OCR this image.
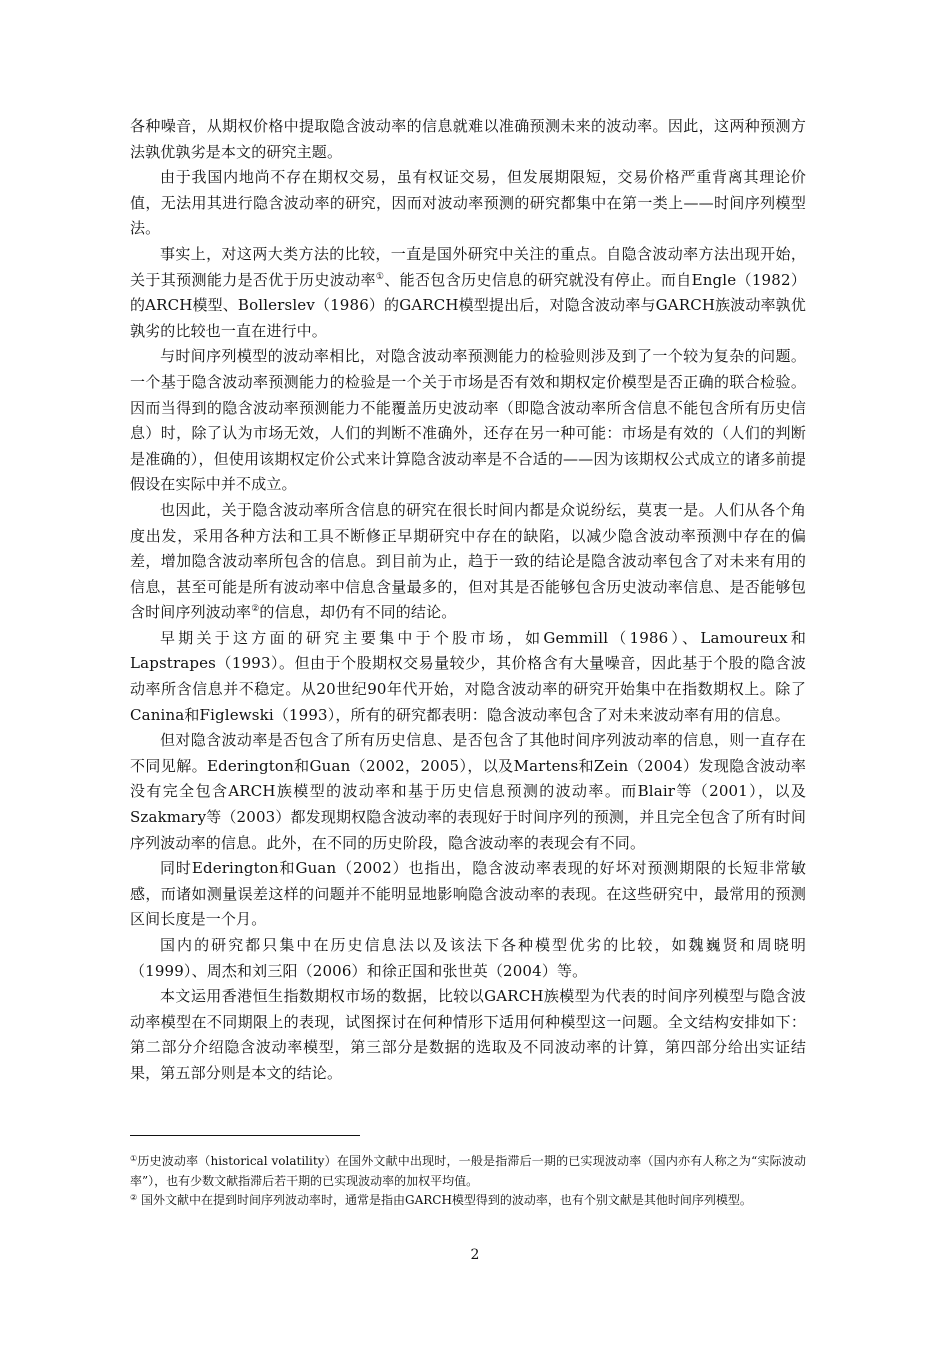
各种噪音，从期权价格中提取隐含波动率的信息就难以准确预测未来的波动率。因此，这两种预测方法孰优孰劣是本文的研究主题。

由于我国内地尚不存在期权交易，虽有权证交易，但发展期限短，交易价格严重背离其理论价值，无法用其进行隐含波动率的研究，因而对波动率预测的研究都集中在第一类上——时间序列模型法。

事实上，对这两大类方法的比较，一直是国外研究中关注的重点。自隐含波动率方法出现开始，关于其预测能力是否优于历史波动率①、能否包含历史信息的研究就没有停止。而自Engle（1982）的ARCH模型、Bollerslev（1986）的GARCH模型提出后，对隐含波动率与GARCH族波动率孰优孰劣的比较也一直在进行中。

与时间序列模型的波动率相比，对隐含波动率预测能力的检验则涉及到了一个较为复杂的问题。一个基于隐含波动率预测能力的检验是一个关于市场是否有效和期权定价模型是否正确的联合检验。因而当得到的隐含波动率预测能力不能覆盖历史波动率（即隐含波动率所含信息不能包含所有历史信息）时，除了认为市场无效，人们的判断不准确外，还存在另一种可能：市场是有效的（人们的判断是准确的），但使用该期权定价公式来计算隐含波动率是不合适的——因为该期权公式成立的诸多前提假设在实际中并不成立。

也因此，关于隐含波动率所含信息的研究在很长时间内都是众说纷纭，莫衷一是。人们从各个角度出发，采用各种方法和工具不断修正早期研究中存在的缺陷，以减少隐含波动率预测中存在的偏差，增加隐含波动率所包含的信息。到目前为止，趋于一致的结论是隐含波动率包含了对未来有用的信息，甚至可能是所有波动率中信息含量最多的，但对其是否能够包含历史波动率信息、是否能够包含时间序列波动率②的信息，却仍有不同的结论。

早期关于这方面的研究主要集中于个股市场，如Gemmill（1986）、Lamoureux和Lapstrapes（1993）。但由于个股期权交易量较少，其价格含有大量噪音，因此基于个股的隐含波动率所含信息并不稳定。从20世纪90年代开始，对隐含波动率的研究开始集中在指数期权上。除了Canina和Figlewski（1993），所有的研究都表明：隐含波动率包含了对未来波动率有用的信息。

但对隐含波动率是否包含了所有历史信息、是否包含了其他时间序列波动率的信息，则一直存在不同见解。Ederington和Guan（2002，2005），以及Martens和Zein（2004）发现隐含波动率没有完全包含ARCH族模型的波动率和基于历史信息预测的波动率。而Blair等（2001），以及Szakmary等（2003）都发现期权隐含波动率的表现好于时间序列的预测，并且完全包含了所有时间序列波动率的信息。此外，在不同的历史阶段，隐含波动率的表现会有不同。

同时Ederington和Guan（2002）也指出，隐含波动率表现的好坏对预测期限的长短非常敏感，而诸如测量误差这样的问题并不能明显地影响隐含波动率的表现。在这些研究中，最常用的预测区间长度是一个月。

国内的研究都只集中在历史信息法以及该法下各种模型优劣的比较，如魏巍贤和周晓明（1999）、周杰和刘三阳（2006）和徐正国和张世英（2004）等。

本文运用香港恒生指数期权市场的数据，比较以GARCH族模型为代表的时间序列模型与隐含波动率模型在不同期限上的表现，试图探讨在何种情形下适用何种模型这一问题。全文结构安排如下：第二部分介绍隐含波动率模型，第三部分是数据的选取及不同波动率的计算，第四部分给出实证结果，第五部分则是本文的结论。

①历史波动率（historical volatility）在国外文献中出现时，一般是指滞后一期的已实现波动率（国内亦有人称之为“实际波动率”），也有少数文献指滞后若干期的已实现波动率的加权平均值。

② 国外文献中在提到时间序列波动率时，通常是指由GARCH模型得到的波动率，也有个别文献是其他时间序列模型。

2
